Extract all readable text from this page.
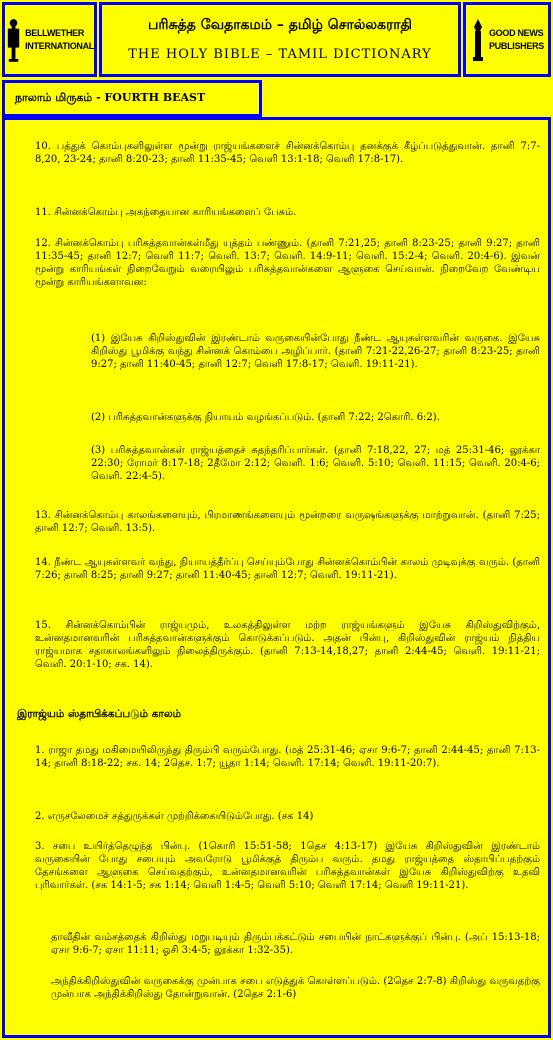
BELLWETHER
INTERNATIONAL
பரிசுத்த வேதாகமம் – தமிழ் சொல்லகராதி
THE HOLY BIBLE – TAMIL DICTIONARY
GOOD NEWS
PUBLISHERS
நாலாம் மிருகம் - FOURTH BEAST
10. பத்துக் கொம்புகளிலுள்ள மூன்று ராஜ்யங்களைச் சின்னக்கொம்பு தனக்குக் கீழ்ப்படுத்துவான். தானி 7:7-8,20, 23-24; தானி 8:20-23; தானி 11:35-45; வெளி 13:1-18; வெளி 17:8-17).
11. சின்னக்கொம்பு அகந்தையான காரியங்களைப் பேசும்.
12. சின்னக்கொம்பு பரிசுத்தவான்கள்மீது யுத்தம் பண்ணும். (தானி 7:21,25; தானி 8:23-25; தானி 9:27; தானி 11:35-45; தானி 12:7; வெளி 11:7; வெளி. 13:7; வெளி. 14:9-11; வெளி. 15:2-4; வெளி. 20:4-6). இவன் மூன்று காரியங்கள் நிறைவேறும் வரையிலும் பரிசுத்தவான்களை ஆளுகை செய்வான். நிறைவேற வேண்டிய மூன்று காரியங்களாவன:
(1) இயேசு கிறிஸ்துவின் இரண்டாம் வருகையின்போது நீண்ட ஆயுசுள்ளவரின் வருகை. இயேசு கிறிஸ்து பூமிக்கு வந்து சின்னக் கொம்பை அழிப்பார். (தானி 7:21-22,26-27; தானி 8:23-25; தானி 9:27; தானி 11:40-45; தானி 12:7; வெளி 17:8-17; வெளி. 19:11-21).
(2) பரிசுத்தவான்களுக்கு நியாயம் வழங்கப்படும். (தானி 7:22; 2கொரி. 6:2).
(3) பரிசுத்தவான்கள் ராஜ்யத்தைச் சுதந்தரிப்பார்கள். (தானி 7:18,22, 27; மத் 25:31-46; லூக்கா 22:30; ரோமர் 8:17-18; 2தீமோ 2:12; வெளி. 1:6; வெளி. 5:10; வெளி. 11:15; வெளி. 20:4-6; வெளி. 22:4-5).
13. சின்னக்கொம்பு காலங்களையும், பிரமாணங்களையும் மூன்றரை வருஷங்களுக்கு மாற்றுவான். (தானி 7:25; தானி 12:7; வெளி. 13:5).
14. நீண்ட ஆயுசுள்ளவர் வந்து, நியாயத்தீர்ப்பு செய்யும்போது சின்னக்கொம்பின் காலம் முடிவுக்கு வரும். (தானி 7:26; தானி 8:25; தானி 9:27; தானி 11:40-45; தானி 12:7; வெளி. 19:11-21).
15. சின்னக்கொம்பின் ராஜ்யமும், உலகத்திலுள்ள மற்ற ராஜ்யங்களும் இயேசு கிறிஸ்துவிற்கும், உன்னதமானவரின் பரிசுத்தவான்களுக்கும் கொடுக்கப்படும். அதன் பின்பு, கிறிஸ்துவின் ராஜ்யம் நித்திய ராஜ்யமாக சதாகாலங்களிலும் நிலைத்திருக்கும். (தானி 7:13-14,18,27; தானி 2:44-45; வெளி. 19:11-21; வெளி. 20:1-10; சக. 14).
இராஜ்யம் ஸ்தாபிக்கப்படும் காலம்
1. ராஜா தமது மகிமையிலிருந்து திரும்பி வரும்போது. (மத் 25:31-46; ஏசா 9:6-7; தானி 2:44-45; தானி 7:13-14; தானி 8:18-22; சக. 14; 2தெச. 1:7; யூதா 1:14; வெளி. 17:14; வெளி. 19:11-20:7).
2. எருசலேமைச் சத்துருக்கள் முற்றிக்கையிடும்போது. (சக 14)
3. சபை உயிர்த்தெழுந்த பின்பு. (1கொரி 15:51-58; 1தெச 4:13-17) இயேசு கிறிஸ்துவின் இரண்டாம் வருகையின் போது சபையும் அவரோடு பூமிக்குத் திரும்ப வரும். தமது ராஜ்யத்தை ஸ்தாபிப்பதற்கும் தேசங்களை ஆளுகை செய்வதற்கும், உன்னதமானவரின் பரிசுத்தவான்கள் இயேசு கிறிஸ்துவிற்கு உதவி புரிவார்கள். (சக 14:1-5; சக 1:14; வெளி 1:4-5; வெளி 5:10; வெளி 17:14; வெளி 19:11-21).
தாவீதின் வம்சத்தைக் கிறிஸ்து மறுபடியும் திரும்பக்கட்டும் சபையின் நாட்களுக்குப் பின்பு. (அப் 15:13-18; ஏசா 9:6-7; ஏசா 11:11; ஓசி 3:4-5; லூக்கா 1:32-35).
அந்திக்கிறிஸ்துவின் வருகைக்கு முன்பாக சபை எடுத்துக் கொள்ளப்படும். (2தெச 2:7-8) கிறிஸ்து வருவதற்கு முன்பாக அந்திக்கிறிஸ்து தோன்றுவான். (2தெச 2:1-6)
